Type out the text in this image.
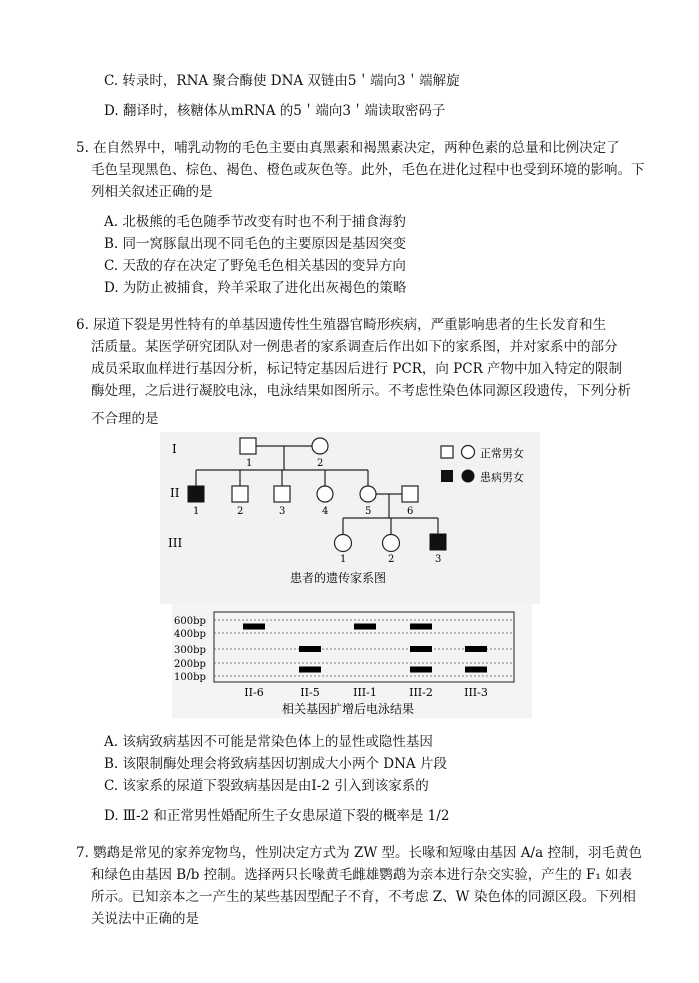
C. 转录时，RNA 聚合酶使 DNA 双链由5＇端向3＇端解旋
D. 翻译时，核糖体从mRNA 的5＇端向3＇端读取密码子
5. 在自然界中，哺乳动物的毛色主要由真黑素和褐黑素决定，两种色素的总量和比例决定了
毛色呈现黑色、棕色、褐色、橙色或灰色等。此外，毛色在进化过程中也受到环境的影响。下
列相关叙述正确的是
A. 北极熊的毛色随季节改变有时也不利于捕食海豹
B. 同一窝豚鼠出现不同毛色的主要原因是基因突变
C. 天敌的存在决定了野兔毛色相关基因的变异方向
D. 为防止被捕食，羚羊采取了进化出灰褐色的策略
6. 尿道下裂是男性特有的单基因遗传性生殖器官畸形疾病，严重影响患者的生长发育和生
活质量。某医学研究团队对一例患者的家系调查后作出如下的家系图，并对家系中的部分
成员采取血样进行基因分析，标记特定基因后进行 PCR，向 PCR 产物中加入特定的限制
酶处理，之后进行凝胶电泳，电泳结果如图所示。不考虑性染色体同源区段遗传，下列分析
不合理的是
I
II
III
1	2
1	2	3	4	5	6
1	2	3
正常男女
患病男女
患者的遗传家系图
600bp
400bp
300bp
200bp
100bp
II-6	II-5	III-1	III-2	III-3
相关基因扩增后电泳结果
A. 该病致病基因不可能是常染色体上的显性或隐性基因
B. 该限制酶处理会将致病基因切割成大小两个 DNA 片段
C. 该家系的尿道下裂致病基因是由Ⅰ-2 引入到该家系的
D. Ⅲ-2 和正常男性婚配所生子女患尿道下裂的概率是 1/2
7. 鹦鹉是常见的家养宠物鸟，性别决定方式为 ZW 型。长喙和短喙由基因 A/a 控制，羽毛黄色
和绿色由基因 B/b 控制。选择两只长喙黄毛雌雄鹦鹉为亲本进行杂交实验，产生的 F₁ 如表
所示。已知亲本之一产生的某些基因型配子不育，不考虑 Z、W 染色体的同源区段。下列相
关说法中正确的是
